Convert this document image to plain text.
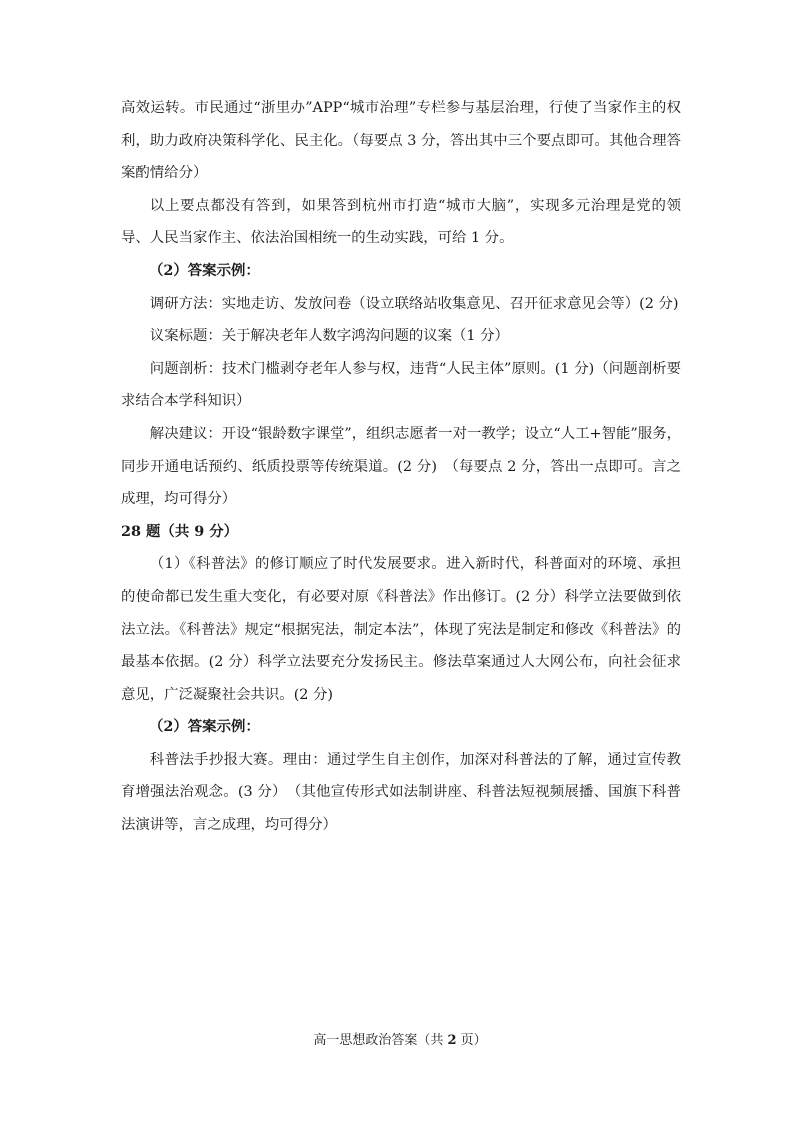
高效运转。市民通过“浙里办”APP“城市治理”专栏参与基层治理，行使了当家作主的权利，助力政府决策科学化、民主化。（每要点 3 分，答出其中三个要点即可。其他合理答案酌情给分）

以上要点都没有答到，如果答到杭州市打造“城市大脑”，实现多元治理是党的领导、人民当家作主、依法治国相统一的生动实践，可给 1 分。

（2）答案示例：

调研方法：实地走访、发放问卷（设立联络站收集意见、召开征求意见会等）(2 分)

议案标题：关于解决老年人数字鸿沟问题的议案（1 分）

问题剖析：技术门槛剥夺老年人参与权，违背“人民主体”原则。(1 分)（问题剖析要求结合本学科知识）

解决建议：开设“银龄数字课堂”，组织志愿者一对一教学；设立“人工+智能”服务，同步开通电话预约、纸质投票等传统渠道。(2 分)　（每要点 2 分，答出一点即可。言之成理，均可得分）

28 题（共 9 分）

（1）《科普法》的修订顺应了时代发展要求。进入新时代，科普面对的环境、承担的使命都已发生重大变化，有必要对原《科普法》作出修订。(2 分）科学立法要做到依法立法。《科普法》规定“根据宪法，制定本法”，体现了宪法是制定和修改《科普法》的最基本依据。(2 分）科学立法要充分发扬民主。修法草案通过人大网公布，向社会征求意见，广泛凝聚社会共识。(2 分)

（2）答案示例：

科普法手抄报大赛。理由：通过学生自主创作，加深对科普法的了解，通过宣传教育增强法治观念。(3 分）　（其他宣传形式如法制讲座、科普法短视频展播、国旗下科普法演讲等，言之成理，均可得分）

高一思想政治答案（共 2 页）
